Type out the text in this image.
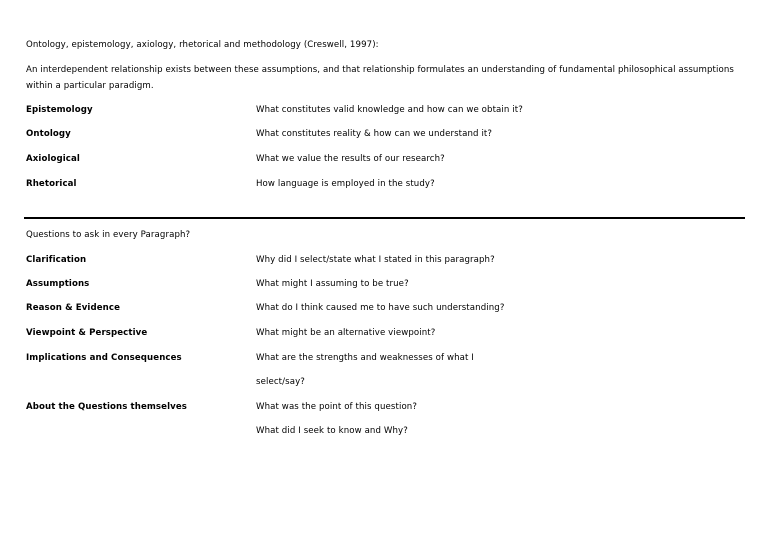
Ontology, epistemology, axiology, rhetorical and methodology (Creswell, 1997):
An interdependent relationship exists between these assumptions, and that relationship formulates an understanding of fundamental philosophical assumptions
within a particular paradigm.
Epistemology	What constitutes valid knowledge and how can we obtain it?
Ontology	What constitutes reality & how can we understand it?
Axiological	What we value the results of our research?
Rhetorical	How language is employed in the study?
Questions to ask in every Paragraph?
Clarification	Why did I select/state what I stated in this paragraph?
Assumptions	What might I assuming to be true?
Reason & Evidence	What do I think caused me to have such understanding?
Viewpoint & Perspective	What might be an alternative viewpoint?
Implications and Consequences	What are the strengths and weaknesses of what I
select/say?
About the Questions themselves	What was the point of this question?
What did I seek to know and Why?
